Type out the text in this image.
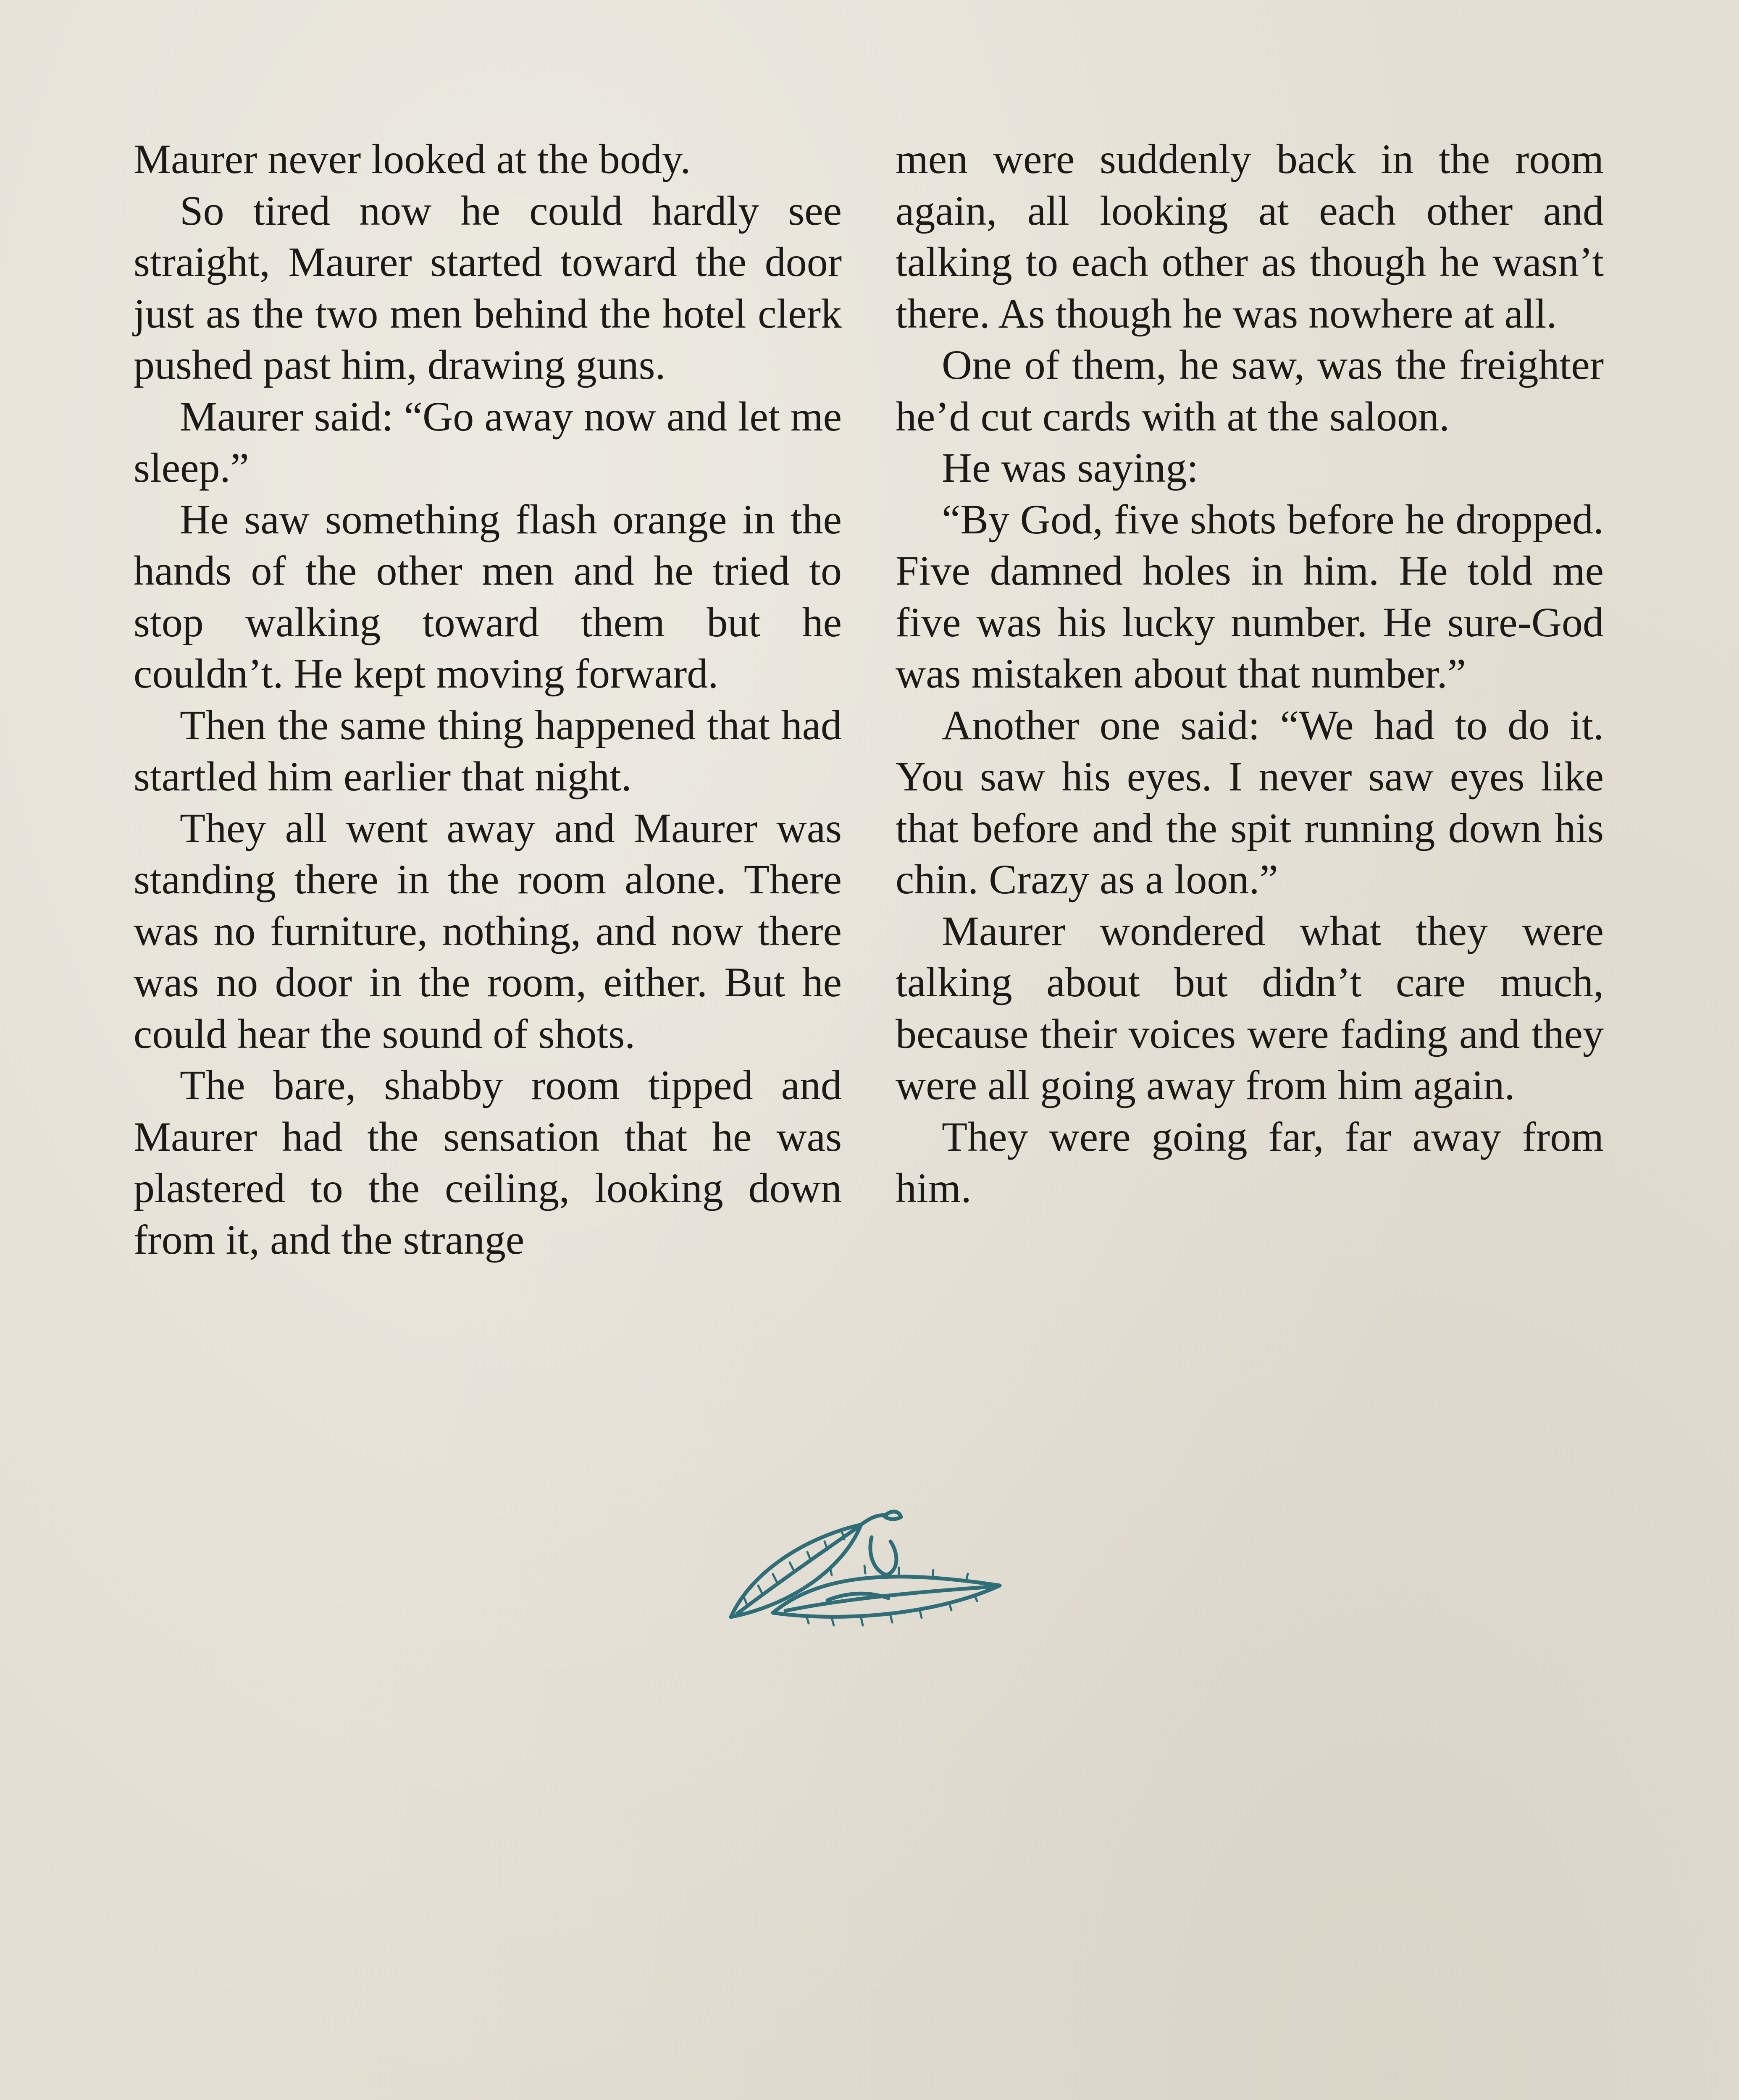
Maurer never looked at the body.

So tired now he could hardly see straight, Maurer started toward the door just as the two men behind the hotel clerk pushed past him, drawing guns.

Maurer said: “Go away now and let me sleep.”

He saw something flash orange in the hands of the other men and he tried to stop walking toward them but he couldn’t. He kept moving forward.

Then the same thing happened that had startled him earlier that night.

They all went away and Maurer was standing there in the room alone. There was no furniture, nothing, and now there was no door in the room, either. But he could hear the sound of shots.

The bare, shabby room tipped and Maurer had the sensation that he was plastered to the ceiling, looking down from it, and the strange

men were suddenly back in the room again, all looking at each other and talking to each other as though he wasn’t there. As though he was nowhere at all.

One of them, he saw, was the freighter he’d cut cards with at the saloon.

He was saying:

“By God, five shots before he dropped. Five damned holes in him. He told me five was his lucky number. He sure-God was mistaken about that number.”

Another one said: “We had to do it. You saw his eyes. I never saw eyes like that before and the spit running down his chin. Crazy as a loon.”

Maurer wondered what they were talking about but didn’t care much, because their voices were fading and they were all going away from him again.

They were going far, far away from him.
